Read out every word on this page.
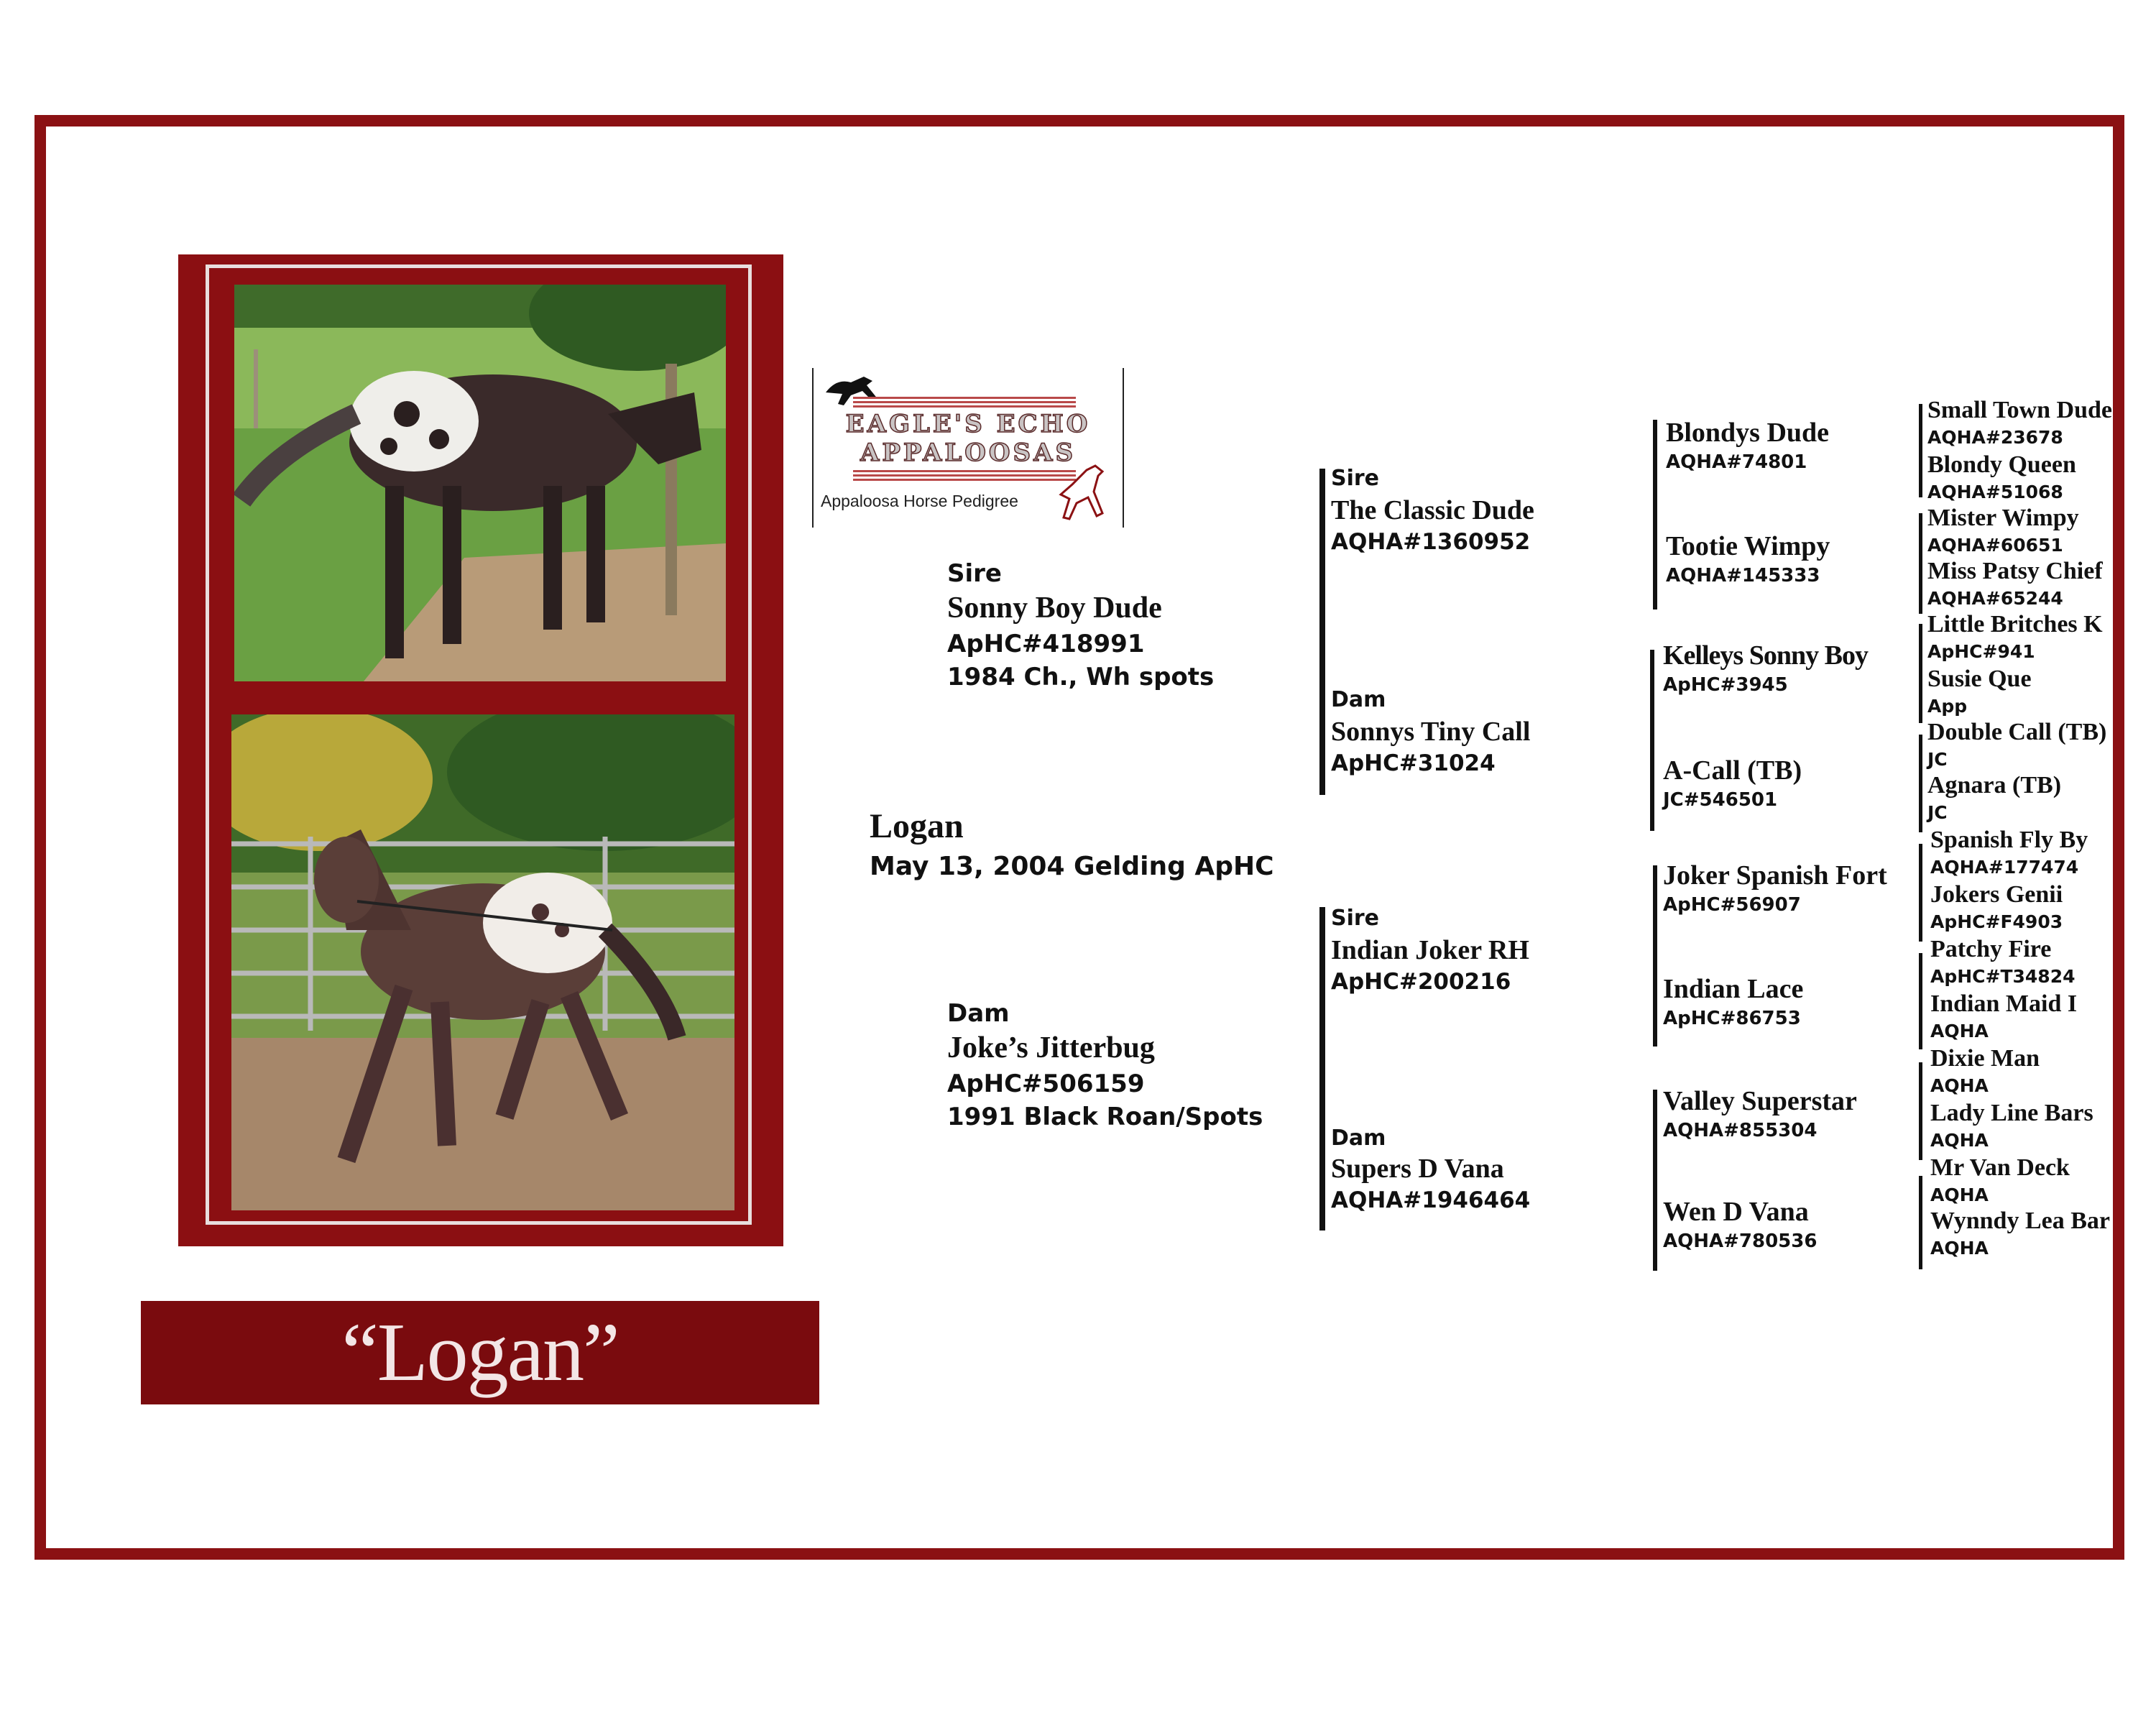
“Logan”
EAGLE'S ECHO
APPALOOSAS
Appaloosa Horse Pedigree
Logan
May 13, 2004 Gelding ApHC
Sire
Sonny Boy Dude
ApHC#418991
1984 Ch., Wh spots
Dam
Joke’s Jitterbug
ApHC#506159
1991 Black Roan/Spots
Sire
The Classic Dude
AQHA#1360952
Dam
Sonnys Tiny Call
ApHC#31024
Sire
Indian Joker RH
ApHC#200216
Dam
Supers D Vana
AQHA#1946464
Blondys Dude
AQHA#74801
Tootie Wimpy
AQHA#145333
Kelleys Sonny Boy
ApHC#3945
A-Call (TB)
JC#546501
Joker Spanish Fort
ApHC#56907
Indian Lace
ApHC#86753
Valley Superstar
AQHA#855304
Wen D Vana
AQHA#780536
Small Town Dude
AQHA#23678
Blondy Queen
AQHA#51068
Mister Wimpy
AQHA#60651
Miss Patsy Chief
AQHA#65244
Little Britches K
ApHC#941
Susie Que
App
Double Call (TB)
JC
Agnara (TB)
JC
Spanish Fly By
AQHA#177474
Jokers Genii
ApHC#F4903
Patchy Fire
ApHC#T34824
Indian Maid I
AQHA
Dixie Man
AQHA
Lady Line Bars
AQHA
Mr Van Deck
AQHA
Wynndy Lea Bar
AQHA
